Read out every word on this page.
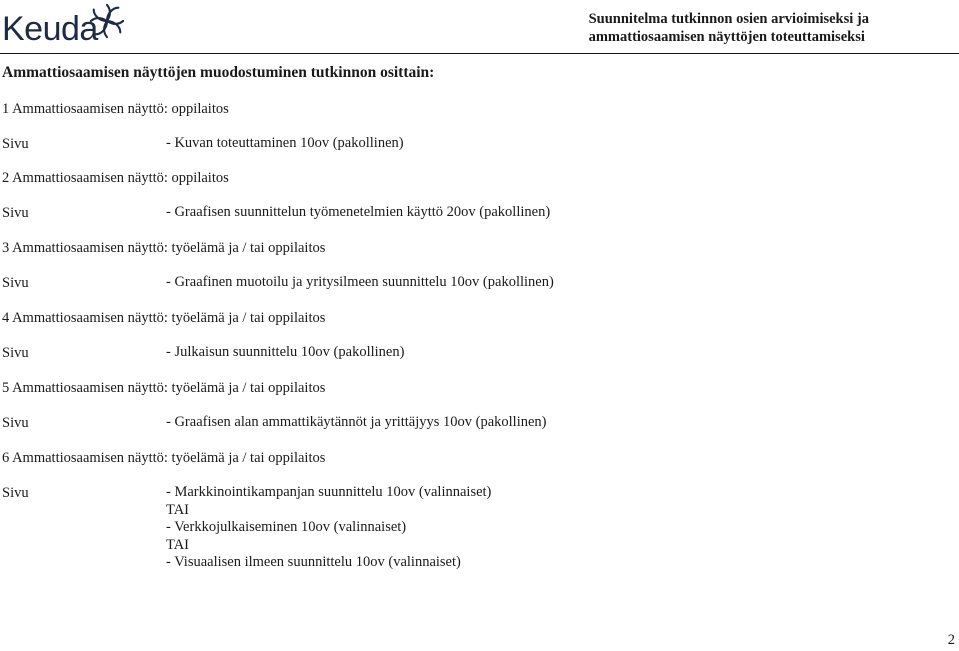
Keuda	Suunnitelma tutkinnon osien arvioimiseksi ja
ammattiosaamisen näyttöjen toteuttamiseksi
Ammattiosaamisen näyttöjen muodostuminen tutkinnon osittain:
1 Ammattiosaamisen näyttö: oppilaitos
Sivu	- Kuvan toteuttaminen 10ov (pakollinen)
2 Ammattiosaamisen näyttö: oppilaitos
Sivu	- Graafisen suunnittelun työmenetelmien käyttö 20ov (pakollinen)
3 Ammattiosaamisen näyttö: työelämä ja / tai oppilaitos
Sivu	- Graafinen muotoilu ja yritysilmeen suunnittelu 10ov (pakollinen)
4 Ammattiosaamisen näyttö: työelämä ja / tai oppilaitos
Sivu	- Julkaisun suunnittelu 10ov (pakollinen)
5 Ammattiosaamisen näyttö: työelämä ja / tai oppilaitos
Sivu	- Graafisen alan ammattikäytännöt ja yrittäjyys 10ov (pakollinen)
6 Ammattiosaamisen näyttö: työelämä ja / tai oppilaitos
Sivu	- Markkinointikampanjan suunnittelu 10ov (valinnaiset)
TAI
- Verkkojulkaiseminen 10ov (valinnaiset)
TAI
- Visuaalisen ilmeen suunnittelu 10ov (valinnaiset)
2
